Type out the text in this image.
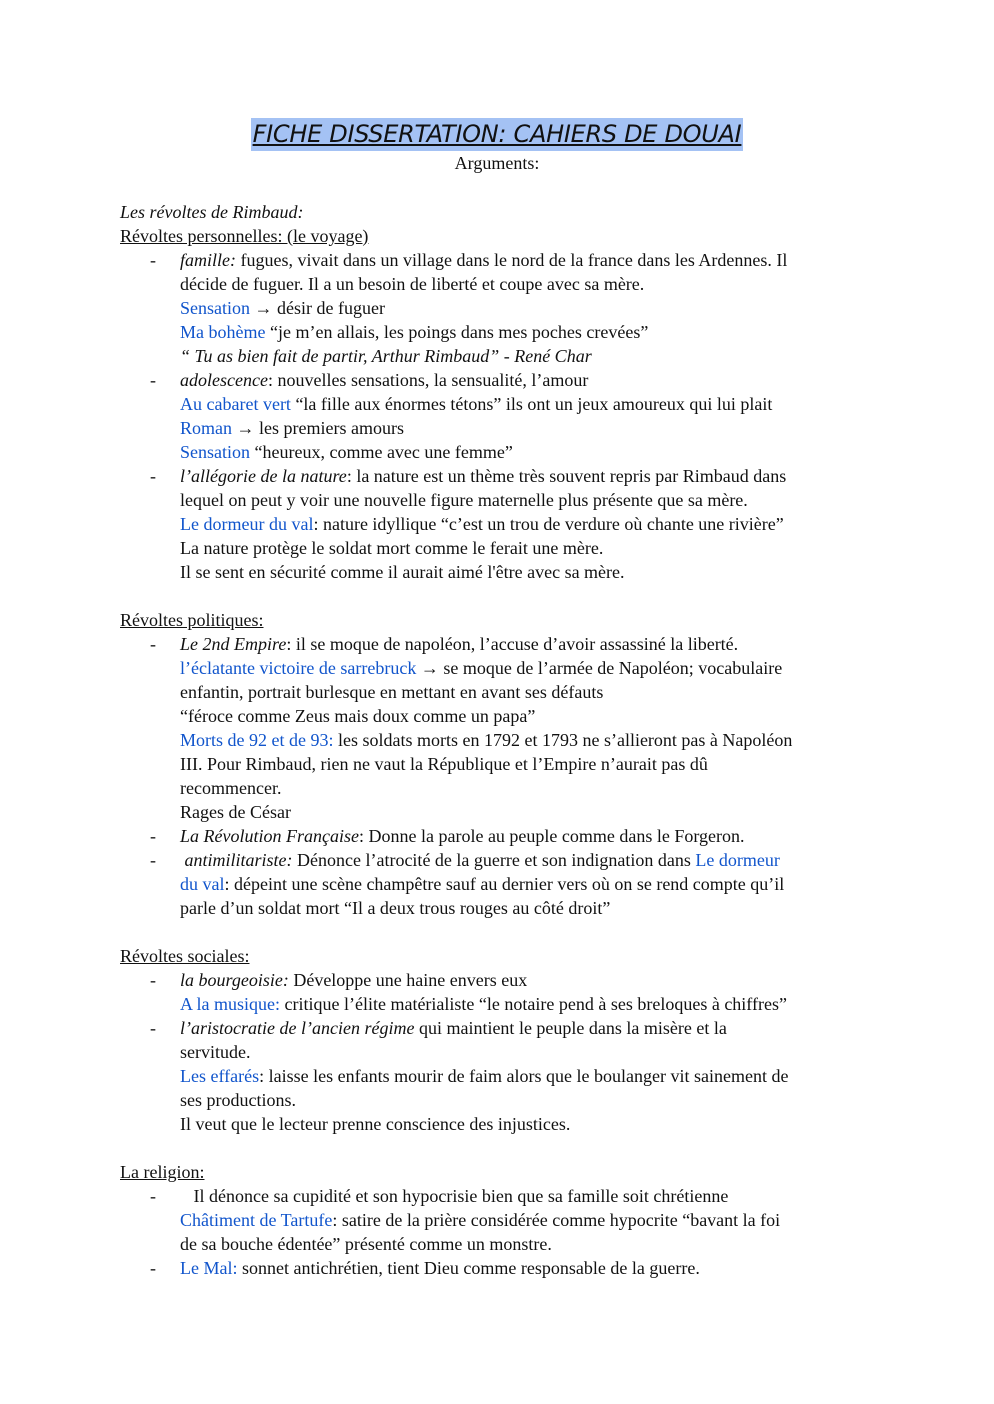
FICHE DISSERTATION: CAHIERS DE DOUAI
Arguments:
Les révoltes de Rimbaud:
Révoltes personnelles: (le voyage)
- famille: fugues, vivait dans un village dans le nord de la france dans les Ardennes. Il
décide de fuguer. Il a un besoin de liberté et coupe avec sa mère.
Sensation → désir de fuguer
Ma bohème “je m’en allais, les poings dans mes poches crevées”
“ Tu as bien fait de partir, Arthur Rimbaud” - René Char
- adolescence: nouvelles sensations, la sensualité, l’amour
Au cabaret vert “la fille aux énormes tétons” ils ont un jeux amoureux qui lui plait
Roman → les premiers amours
Sensation “heureux, comme avec une femme”
- l’allégorie de la nature: la nature est un thème très souvent repris par Rimbaud dans
lequel on peut y voir une nouvelle figure maternelle plus présente que sa mère.
Le dormeur du val: nature idyllique “c’est un trou de verdure où chante une rivière”
La nature protège le soldat mort comme le ferait une mère.
Il se sent en sécurité comme il aurait aimé l'être avec sa mère.
Révoltes politiques:
- Le 2nd Empire: il se moque de napoléon, l’accuse d’avoir assassiné la liberté.
l’éclatante victoire de sarrebruck → se moque de l’armée de Napoléon; vocabulaire
enfantin, portrait burlesque en mettant en avant ses défauts
“féroce comme Zeus mais doux comme un papa”
Morts de 92 et de 93: les soldats morts en 1792 et 1793 ne s’allieront pas à Napoléon
III. Pour Rimbaud, rien ne vaut la République et l’Empire n’aurait pas dû
recommencer.
Rages de César
- La Révolution Française: Donne la parole au peuple comme dans le Forgeron.
- antimilitariste: Dénonce l’atrocité de la guerre et son indignation dans Le dormeur
du val: dépeint une scène champêtre sauf au dernier vers où on se rend compte qu’il
parle d’un soldat mort “Il a deux trous rouges au côté droit”
Révoltes sociales:
- la bourgeoisie: Développe une haine envers eux
A la musique: critique l’élite matérialiste “le notaire pend à ses breloques à chiffres”
- l’aristocratie de l’ancien régime qui maintient le peuple dans la misère et la
servitude.
Les effarés: laisse les enfants mourir de faim alors que le boulanger vit sainement de
ses productions.
Il veut que le lecteur prenne conscience des injustices.
La religion:
-	Il dénonce sa cupidité et son hypocrisie bien que sa famille soit chrétienne
Châtiment de Tartufe: satire de la prière considérée comme hypocrite “bavant la foi
de sa bouche édentée” présenté comme un monstre.
- Le Mal: sonnet antichrétien, tient Dieu comme responsable de la guerre.
